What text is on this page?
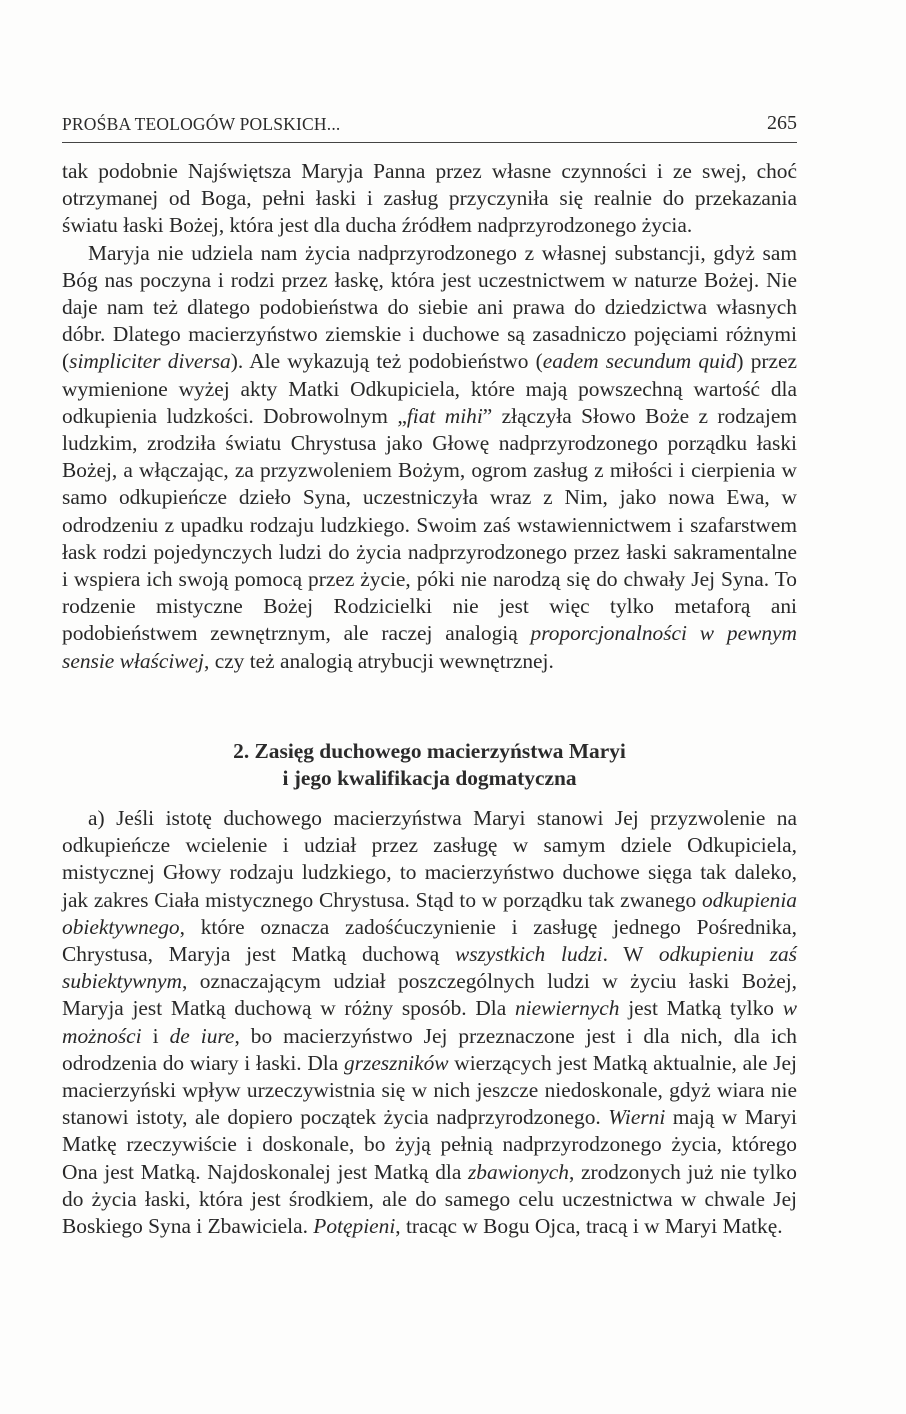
PROŚBA TEOLOGÓW POLSKICH...	265

tak podobnie Najświętsza Maryja Panna przez własne czynności i ze swej, choć otrzymanej od Boga, pełni łaski i zasług przyczyniła się realnie do przekazania światu łaski Bożej, która jest dla ducha źródłem nadprzyrodzonego życia.

Maryja nie udziela nam życia nadprzyrodzonego z własnej substancji, gdyż sam Bóg nas poczyna i rodzi przez łaskę, która jest uczestnictwem w naturze Bożej. Nie daje nam też dlatego podobieństwa do siebie ani prawa do dziedzictwa własnych dóbr. Dlatego macierzyństwo ziemskie i duchowe są zasadniczo pojęciami różnymi (simpliciter diversa). Ale wykazują też podobieństwo (eadem secundum quid) przez wymienione wyżej akty Matki Odkupiciela, które mają powszechną wartość dla odkupienia ludzkości. Dobrowolnym „fiat mihi” złączyła Słowo Boże z rodzajem ludzkim, zrodziła światu Chrystusa jako Głowę nadprzyrodzonego porządku łaski Bożej, a włączając, za przyzwoleniem Bożym, ogrom zasług z miłości i cierpienia w samo odkupieńcze dzieło Syna, uczestniczyła wraz z Nim, jako nowa Ewa, w odrodzeniu z upadku rodzaju ludzkiego. Swoim zaś wstawiennictwem i szafarstwem łask rodzi pojedynczych ludzi do życia nadprzyrodzonego przez łaski sakramentalne i wspiera ich swoją pomocą przez życie, póki nie narodzą się do chwały Jej Syna. To rodzenie mistyczne Bożej Rodzicielki nie jest więc tylko metaforą ani podobieństwem zewnętrznym, ale raczej analogią proporcjonalności w pewnym sensie właściwej, czy też analogią atrybucji wewnętrznej.

2. Zasięg duchowego macierzyństwa Maryi
i jego kwalifikacja dogmatyczna

a) Jeśli istotę duchowego macierzyństwa Maryi stanowi Jej przyzwolenie na odkupieńcze wcielenie i udział przez zasługę w samym dziele Odkupiciela, mistycznej Głowy rodzaju ludzkiego, to macierzyństwo duchowe sięga tak daleko, jak zakres Ciała mistycznego Chrystusa. Stąd to w porządku tak zwanego odkupienia obiektywnego, które oznacza zadośćuczynienie i zasługę jednego Pośrednika, Chrystusa, Maryja jest Matką duchową wszystkich ludzi. W odkupieniu zaś subiektywnym, oznaczającym udział poszczególnych ludzi w życiu łaski Bożej, Maryja jest Matką duchową w różny sposób. Dla niewiernych jest Matką tylko w możności i de iure, bo macierzyństwo Jej przeznaczone jest i dla nich, dla ich odrodzenia do wiary i łaski. Dla grzeszników wierzących jest Matką aktualnie, ale Jej macierzyński wpływ urzeczywistnia się w nich jeszcze niedoskonale, gdyż wiara nie stanowi istoty, ale dopiero początek życia nadprzyrodzonego. Wierni mają w Maryi Matkę rzeczywiście i doskonale, bo żyją pełnią nadprzyrodzonego życia, którego Ona jest Matką. Najdoskonalej jest Matką dla zbawionych, zrodzonych już nie tylko do życia łaski, która jest środkiem, ale do samego celu uczestnictwa w chwale Jej Boskiego Syna i Zbawiciela. Potępieni, tracąc w Bogu Ojca, tracą i w Maryi Matkę.
